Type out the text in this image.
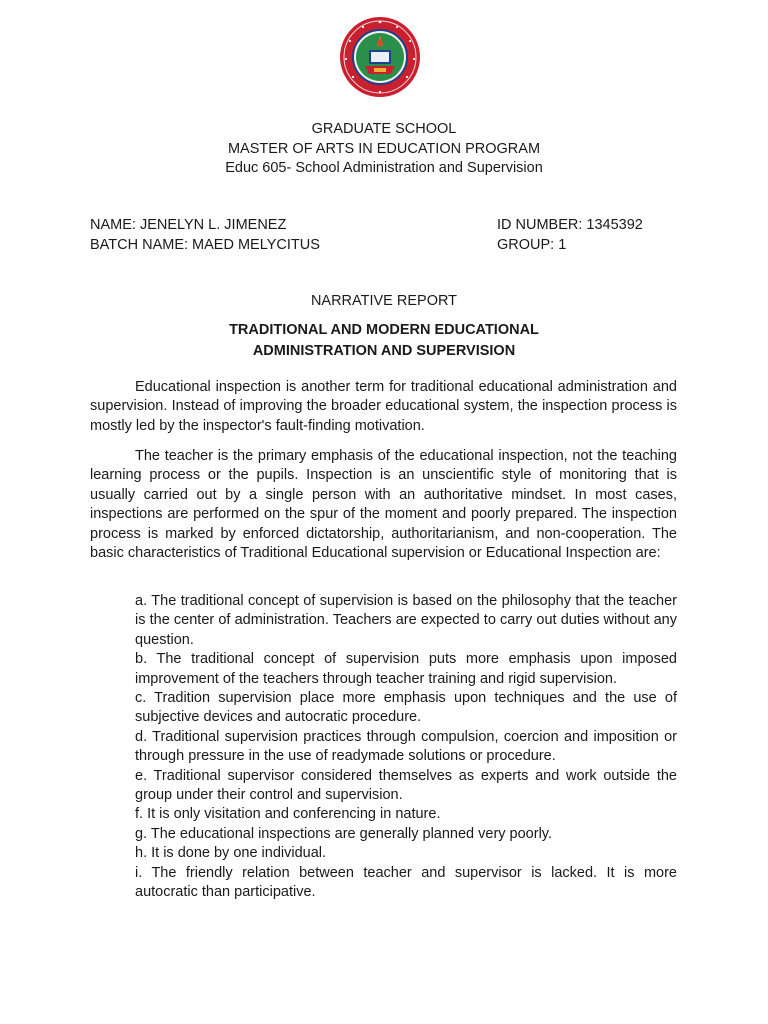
GRADUATE SCHOOL
MASTER OF ARTS IN EDUCATION PROGRAM
Educ 605- School Administration and Supervision
NAME: JENELYN L. JIMENEZ
BATCH NAME: MAED MELYCITUS
ID NUMBER: 1345392
GROUP: 1
NARRATIVE REPORT
TRADITIONAL AND MODERN EDUCATIONAL
ADMINISTRATION AND SUPERVISION
Educational inspection is another term for traditional educational administration and supervision. Instead of improving the broader educational system, the inspection process is mostly led by the inspector's fault-finding motivation.
The teacher is the primary emphasis of the educational inspection, not the teaching learning process or the pupils. Inspection is an unscientific style of monitoring that is usually carried out by a single person with an authoritative mindset. In most cases, inspections are performed on the spur of the moment and poorly prepared. The inspection process is marked by enforced dictatorship, authoritarianism, and non-cooperation. The basic characteristics of Traditional Educational supervision or Educational Inspection are:
a. The traditional concept of supervision is based on the philosophy that the teacher is the center of administration. Teachers are expected to carry out duties without any question.
b. The traditional concept of supervision puts more emphasis upon imposed improvement of the teachers through teacher training and rigid supervision.
c. Tradition supervision place more emphasis upon techniques and the use of subjective devices and autocratic procedure.
d. Traditional supervision practices through compulsion, coercion and imposition or through pressure in the use of readymade solutions or procedure.
e. Traditional supervisor considered themselves as experts and work outside the group under their control and supervision.
f. It is only visitation and conferencing in nature.
g. The educational inspections are generally planned very poorly.
h. It is done by one individual.
i. The friendly relation between teacher and supervisor is lacked. It is more autocratic than participative.
